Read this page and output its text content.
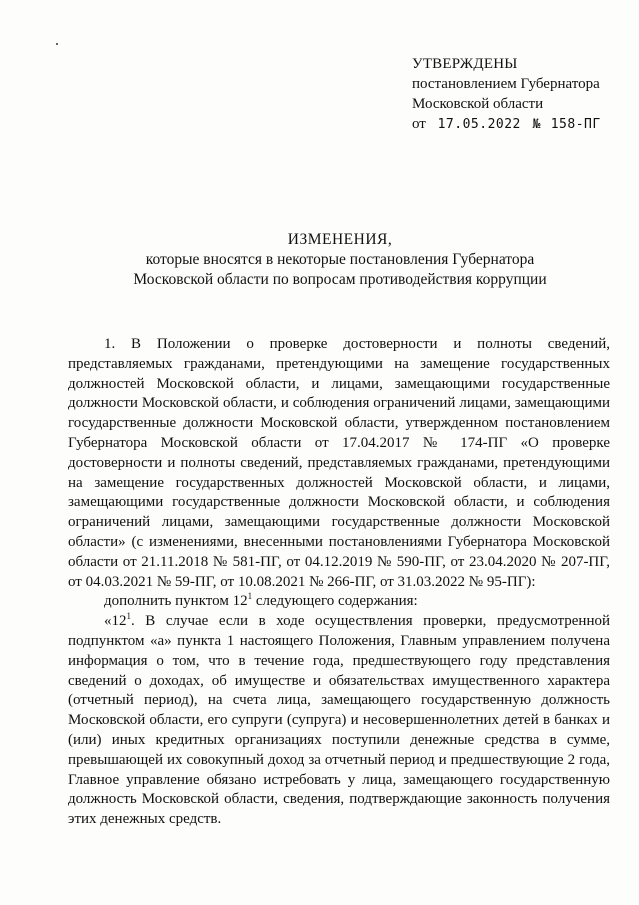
УТВЕРЖДЕНЫ
постановлением Губернатора
Московской области
от 17.05.2022 № 158-ПГ
ИЗМЕНЕНИЯ,
которые вносятся в некоторые постановления Губернатора
Московской области по вопросам противодействия коррупции

1. В Положении о проверке достоверности и полноты сведений, представляемых гражданами, претендующими на замещение государственных должностей Московской области, и лицами, замещающими государственные должности Московской области, и соблюдения ограничений лицами, замещающими государственные должности Московской области, утвержденном постановлением Губернатора Московской области от 17.04.2017 № 174-ПГ «О проверке достоверности и полноты сведений, представляемых гражданами, претендующими на замещение государственных должностей Московской области, и лицами, замещающими государственные должности Московской области, и соблюдения ограничений лицами, замещающими государственные должности Московской области» (с изменениями, внесенными постановлениями Губернатора Московской области от 21.11.2018 № 581-ПГ, от 04.12.2019 № 590-ПГ, от 23.04.2020 № 207-ПГ, от 04.03.2021 № 59-ПГ, от 10.08.2021 № 266-ПГ, от 31.03.2022 № 95-ПГ):

дополнить пунктом $12^1$ следующего содержания:

«$12^1$. В случае если в ходе осуществления проверки, предусмотренной подпунктом «а» пункта 1 настоящего Положения, Главным управлением получена информация о том, что в течение года, предшествующего году представления сведений о доходах, об имуществе и обязательствах имущественного характера (отчетный период), на счета лица, замещающего государственную должность Московской области, его супруги (супруга) и несовершеннолетних детей в банках и (или) иных кредитных организациях поступили денежные средства в сумме, превышающей их совокупный доход за отчетный период и предшествующие 2 года, Главное управление обязано истребовать у лица, замещающего государственную должность Московской области, сведения, подтверждающие законность получения этих денежных средств.
